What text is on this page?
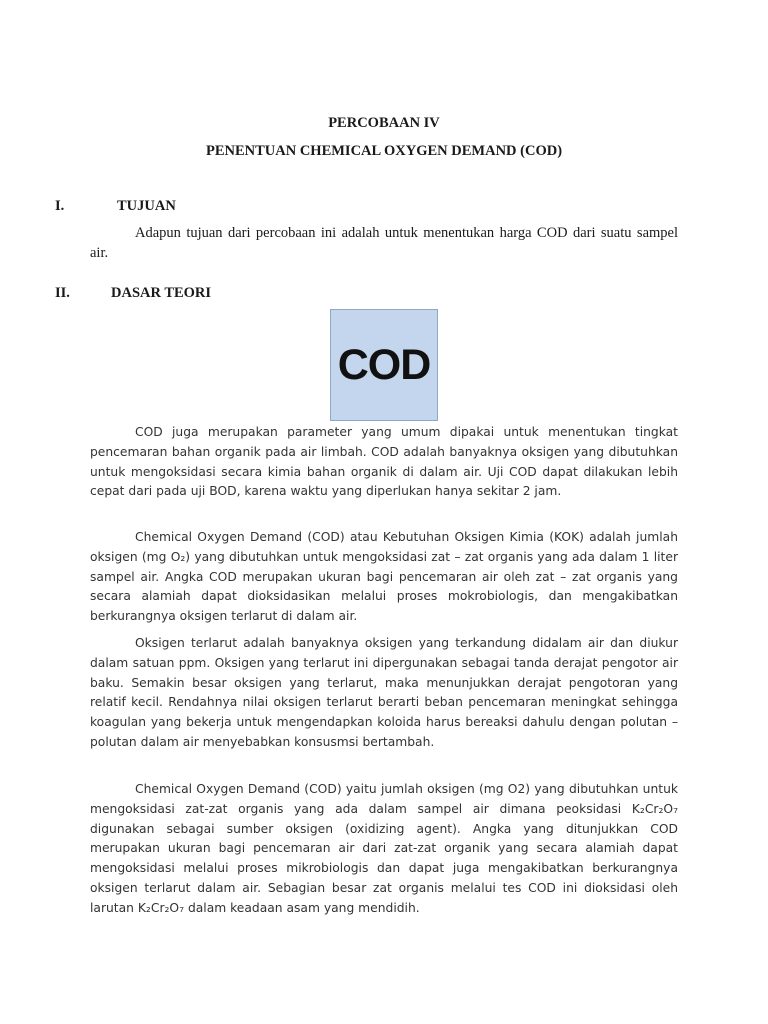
PERCOBAAN IV
PENENTUAN CHEMICAL OXYGEN DEMAND (COD)
I.	TUJUAN

Adapun tujuan dari percobaan ini adalah untuk menentukan harga COD dari suatu sampel air.

II.	DASAR TEORI
COD

COD juga merupakan parameter yang umum dipakai untuk menentukan tingkat pencemaran bahan organik pada air limbah. COD adalah banyaknya oksigen yang dibutuhkan untuk mengoksidasi secara kimia bahan organik di dalam air. Uji COD dapat dilakukan lebih cepat dari pada uji BOD, karena waktu yang diperlukan hanya sekitar 2 jam.

Chemical Oxygen Demand (COD) atau Kebutuhan Oksigen Kimia (KOK) adalah jumlah oksigen (mg O₂) yang dibutuhkan untuk mengoksidasi zat – zat organis yang ada dalam 1 liter sampel air. Angka COD merupakan ukuran bagi pencemaran air oleh zat – zat organis yang secara alamiah dapat dioksidasikan melalui proses mokrobiologis, dan mengakibatkan berkurangnya oksigen terlarut di dalam air.

Oksigen terlarut adalah banyaknya oksigen yang terkandung didalam air dan diukur dalam satuan ppm. Oksigen yang terlarut ini dipergunakan sebagai tanda derajat pengotor air baku. Semakin besar oksigen yang terlarut, maka menunjukkan derajat pengotoran yang relatif kecil. Rendahnya nilai oksigen terlarut berarti beban pencemaran meningkat sehingga koagulan yang bekerja untuk mengendapkan koloida harus bereaksi dahulu dengan polutan – polutan dalam air menyebabkan konsusmsi bertambah.

Chemical Oxygen Demand (COD) yaitu jumlah oksigen (mg O2) yang dibutuhkan untuk mengoksidasi zat-zat organis yang ada dalam sampel air dimana peoksidasi K₂Cr₂O₇ digunakan sebagai sumber oksigen (oxidizing agent). Angka yang ditunjukkan COD merupakan ukuran bagi pencemaran air dari zat-zat organik yang secara alamiah dapat mengoksidasi melalui proses mikrobiologis dan dapat juga mengakibatkan berkurangnya oksigen terlarut dalam air. Sebagian besar zat organis melalui tes COD ini dioksidasi oleh larutan K₂Cr₂O₇ dalam keadaan asam yang mendidih.
